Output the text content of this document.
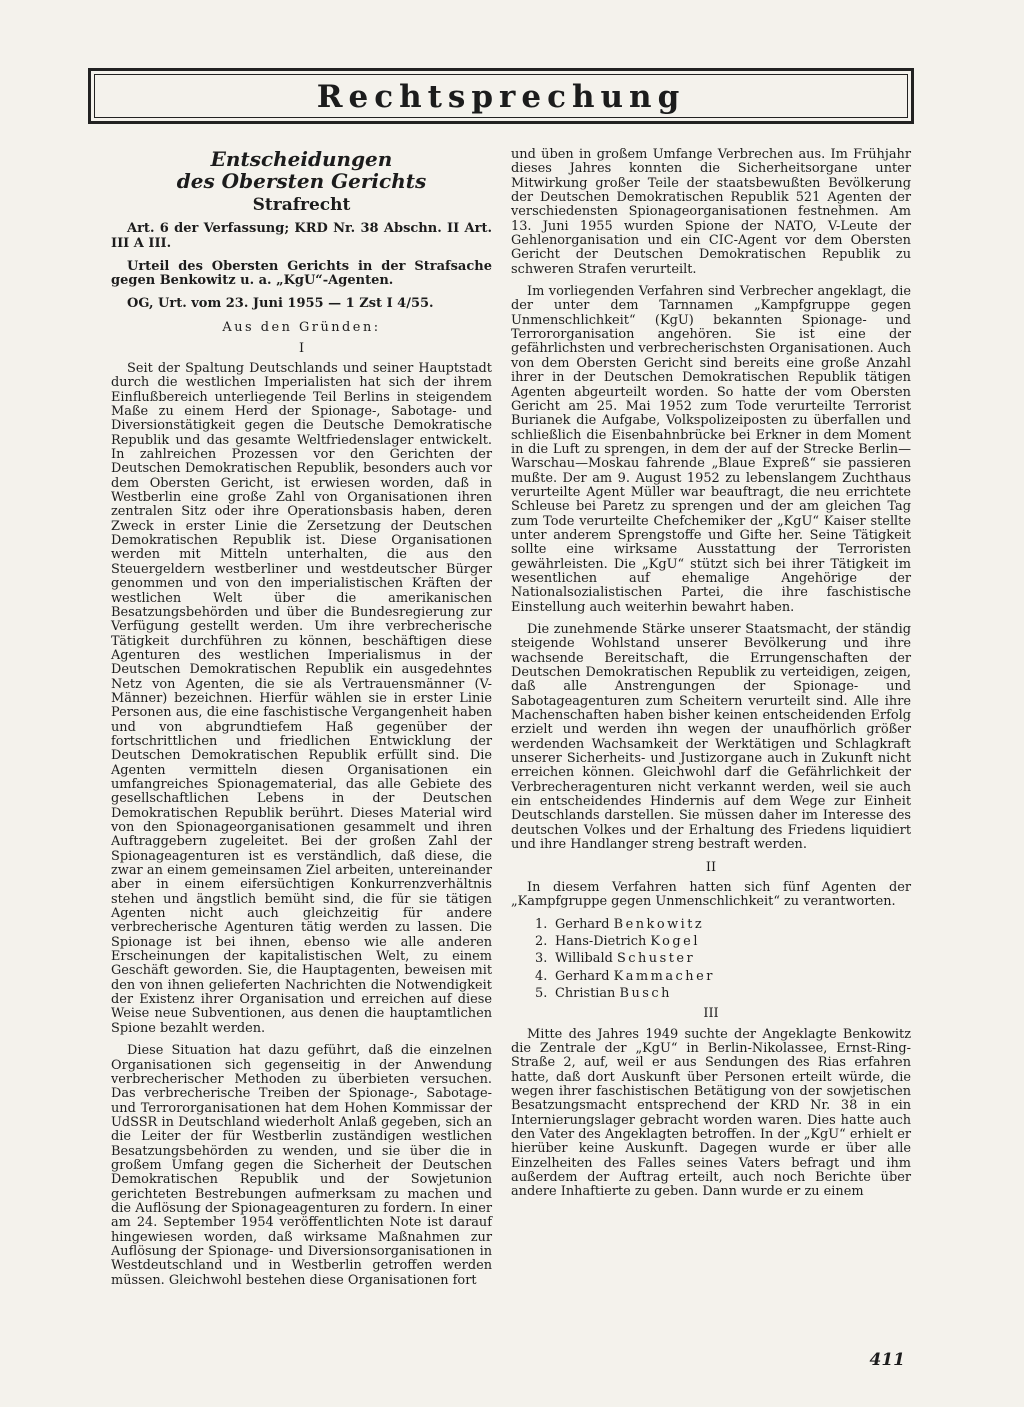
Rechtsprechung

Entscheidungen

des Obersten Gerichts

Strafrecht

Art. 6 der Verfassung; KRD Nr. 38 Abschn. II Art. III A III.

Urteil des Obersten Gerichts in der Strafsache gegen Benkowitz u. a. „KgU“-Agenten.

OG, Urt. vom 23. Juni 1955 — 1 Zst I 4/55.

Aus den Gründen:

I

Seit der Spaltung Deutschlands und seiner Hauptstadt durch die westlichen Imperialisten hat sich der ihrem Einflußbereich unterliegende Teil Berlins in steigendem Maße zu einem Herd der Spionage-, Sabotage- und Diversionstätigkeit gegen die Deutsche Demokratische Republik und das gesamte Weltfriedenslager entwickelt. In zahlreichen Prozessen vor den Gerichten der Deutschen Demokratischen Republik, besonders auch vor dem Obersten Gericht, ist erwiesen worden, daß in Westberlin eine große Zahl von Organisationen ihren zentralen Sitz oder ihre Operationsbasis haben, deren Zweck in erster Linie die Zersetzung der Deutschen Demokratischen Republik ist. Diese Organisationen werden mit Mitteln unterhalten, die aus den Steuergeldern westberliner und westdeutscher Bürger genommen und von den imperialistischen Kräften der westlichen Welt über die amerikanischen Besatzungsbehörden und über die Bundesregierung zur Verfügung gestellt werden. Um ihre verbrecherische Tätigkeit durchführen zu können, beschäftigen diese Agenturen des westlichen Imperialismus in der Deutschen Demokratischen Republik ein ausgedehntes Netz von Agenten, die sie als Vertrauensmänner (V-Männer) bezeichnen. Hierfür wählen sie in erster Linie Personen aus, die eine faschistische Vergangenheit haben und von abgrundtiefem Haß gegenüber der fortschrittlichen und friedlichen Entwicklung der Deutschen Demokratischen Republik erfüllt sind. Die Agenten vermitteln diesen Organisationen ein umfangreiches Spionagematerial, das alle Gebiete des gesellschaftlichen Lebens in der Deutschen Demokratischen Republik berührt. Dieses Material wird von den Spionageorganisationen gesammelt und ihren Auftraggebern zugeleitet. Bei der großen Zahl der Spionageagenturen ist es verständlich, daß diese, die zwar an einem gemeinsamen Ziel arbeiten, untereinander aber in einem eifersüchtigen Konkurrenzverhältnis stehen und ängstlich bemüht sind, die für sie tätigen Agenten nicht auch gleichzeitig für andere verbrecherische Agenturen tätig werden zu lassen. Die Spionage ist bei ihnen, ebenso wie alle anderen Erscheinungen der kapitalistischen Welt, zu einem Geschäft geworden. Sie, die Hauptagenten, beweisen mit den von ihnen gelieferten Nachrichten die Notwendigkeit der Existenz ihrer Organisation und erreichen auf diese Weise neue Subventionen, aus denen die hauptamtlichen Spione bezahlt werden.

Diese Situation hat dazu geführt, daß die einzelnen Organisationen sich gegenseitig in der Anwendung verbrecherischer Methoden zu überbieten versuchen. Das verbrecherische Treiben der Spionage-, Sabotage- und Terrororganisationen hat dem Hohen Kommissar der UdSSR in Deutschland wiederholt Anlaß gegeben, sich an die Leiter der für Westberlin zuständigen westlichen Besatzungsbehörden zu wenden, und sie über die in großem Umfang gegen die Sicherheit der Deutschen Demokratischen Republik und der Sowjetunion gerichteten Bestrebungen aufmerksam zu machen und die Auflösung der Spionageagenturen zu fordern. In einer am 24. September 1954 veröffentlichten Note ist darauf hingewiesen worden, daß wirksame Maßnahmen zur Auflösung der Spionage- und Diversionsorganisationen in Westdeutschland und in Westberlin getroffen werden müssen. Gleichwohl bestehen diese Organisationen fort

und üben in großem Umfange Verbrechen aus. Im Frühjahr dieses Jahres konnten die Sicherheitsorgane unter Mitwirkung großer Teile der staatsbewußten Bevölkerung der Deutschen Demokratischen Republik 521 Agenten der verschiedensten Spionageorganisationen festnehmen. Am 13. Juni 1955 wurden Spione der NATO, V-Leute der Gehlenorganisation und ein CIC-Agent vor dem Obersten Gericht der Deutschen Demokratischen Republik zu schweren Strafen verurteilt.

Im vorliegenden Verfahren sind Verbrecher angeklagt, die der unter dem Tarnnamen „Kampfgruppe gegen Unmenschlichkeit“ (KgU) bekannten Spionage- und Terrororganisation angehören. Sie ist eine der gefährlichsten und verbrecherischsten Organisationen. Auch von dem Obersten Gericht sind bereits eine große Anzahl ihrer in der Deutschen Demokratischen Republik tätigen Agenten abgeurteilt worden. So hatte der vom Obersten Gericht am 25. Mai 1952 zum Tode verurteilte Terrorist Burianek die Aufgabe, Volkspolizeiposten zu überfallen und schließlich die Eisenbahnbrücke bei Erkner in dem Moment in die Luft zu sprengen, in dem der auf der Strecke Berlin—Warschau—Moskau fahrende „Blaue Expreß“ sie passieren mußte. Der am 9. August 1952 zu lebenslangem Zuchthaus verurteilte Agent Müller war beauftragt, die neu errichtete Schleuse bei Paretz zu sprengen und der am gleichen Tag zum Tode verurteilte Chefchemiker der „KgU“ Kaiser stellte unter anderem Sprengstoffe und Gifte her. Seine Tätigkeit sollte eine wirksame Ausstattung der Terroristen gewährleisten. Die „KgU“ stützt sich bei ihrer Tätigkeit im wesentlichen auf ehemalige Angehörige der Nationalsozialistischen Partei, die ihre faschistische Einstellung auch weiterhin bewahrt haben.

Die zunehmende Stärke unserer Staatsmacht, der ständig steigende Wohlstand unserer Bevölkerung und ihre wachsende Bereitschaft, die Errungenschaften der Deutschen Demokratischen Republik zu verteidigen, zeigen, daß alle Anstrengungen der Spionage- und Sabotageagenturen zum Scheitern verurteilt sind. Alle ihre Machenschaften haben bisher keinen entscheidenden Erfolg erzielt und werden ihn wegen der unaufhörlich größer werdenden Wachsamkeit der Werktätigen und Schlagkraft unserer Sicherheits- und Justizorgane auch in Zukunft nicht erreichen können. Gleichwohl darf die Gefährlichkeit der Verbrecheragenturen nicht verkannt werden, weil sie auch ein entscheidendes Hindernis auf dem Wege zur Einheit Deutschlands darstellen. Sie müssen daher im Interesse des deutschen Volkes und der Erhaltung des Friedens liquidiert und ihre Handlanger streng bestraft werden.

II

In diesem Verfahren hatten sich fünf Agenten der „Kampfgruppe gegen Unmenschlichkeit“ zu verantworten.

1. Gerhard Benkowitz
2. Hans-Dietrich Kogel
3. Willibald Schuster
4. Gerhard Kammacher
5. Christian Busch

III

Mitte des Jahres 1949 suchte der Angeklagte Benkowitz die Zentrale der „KgU“ in Berlin-Nikolassee, Ernst-Ring-Straße 2, auf, weil er aus Sendungen des Rias erfahren hatte, daß dort Auskunft über Personen erteilt würde, die wegen ihrer faschistischen Betätigung von der sowjetischen Besatzungsmacht entsprechend der KRD Nr. 38 in ein Internierungslager gebracht worden waren. Dies hatte auch den Vater des Angeklagten betroffen. In der „KgU“ erhielt er hierüber keine Auskunft. Dagegen wurde er über alle Einzelheiten des Falles seines Vaters befragt und ihm außerdem der Auftrag erteilt, auch noch Berichte über andere Inhaftierte zu geben. Dann wurde er zu einem

411
